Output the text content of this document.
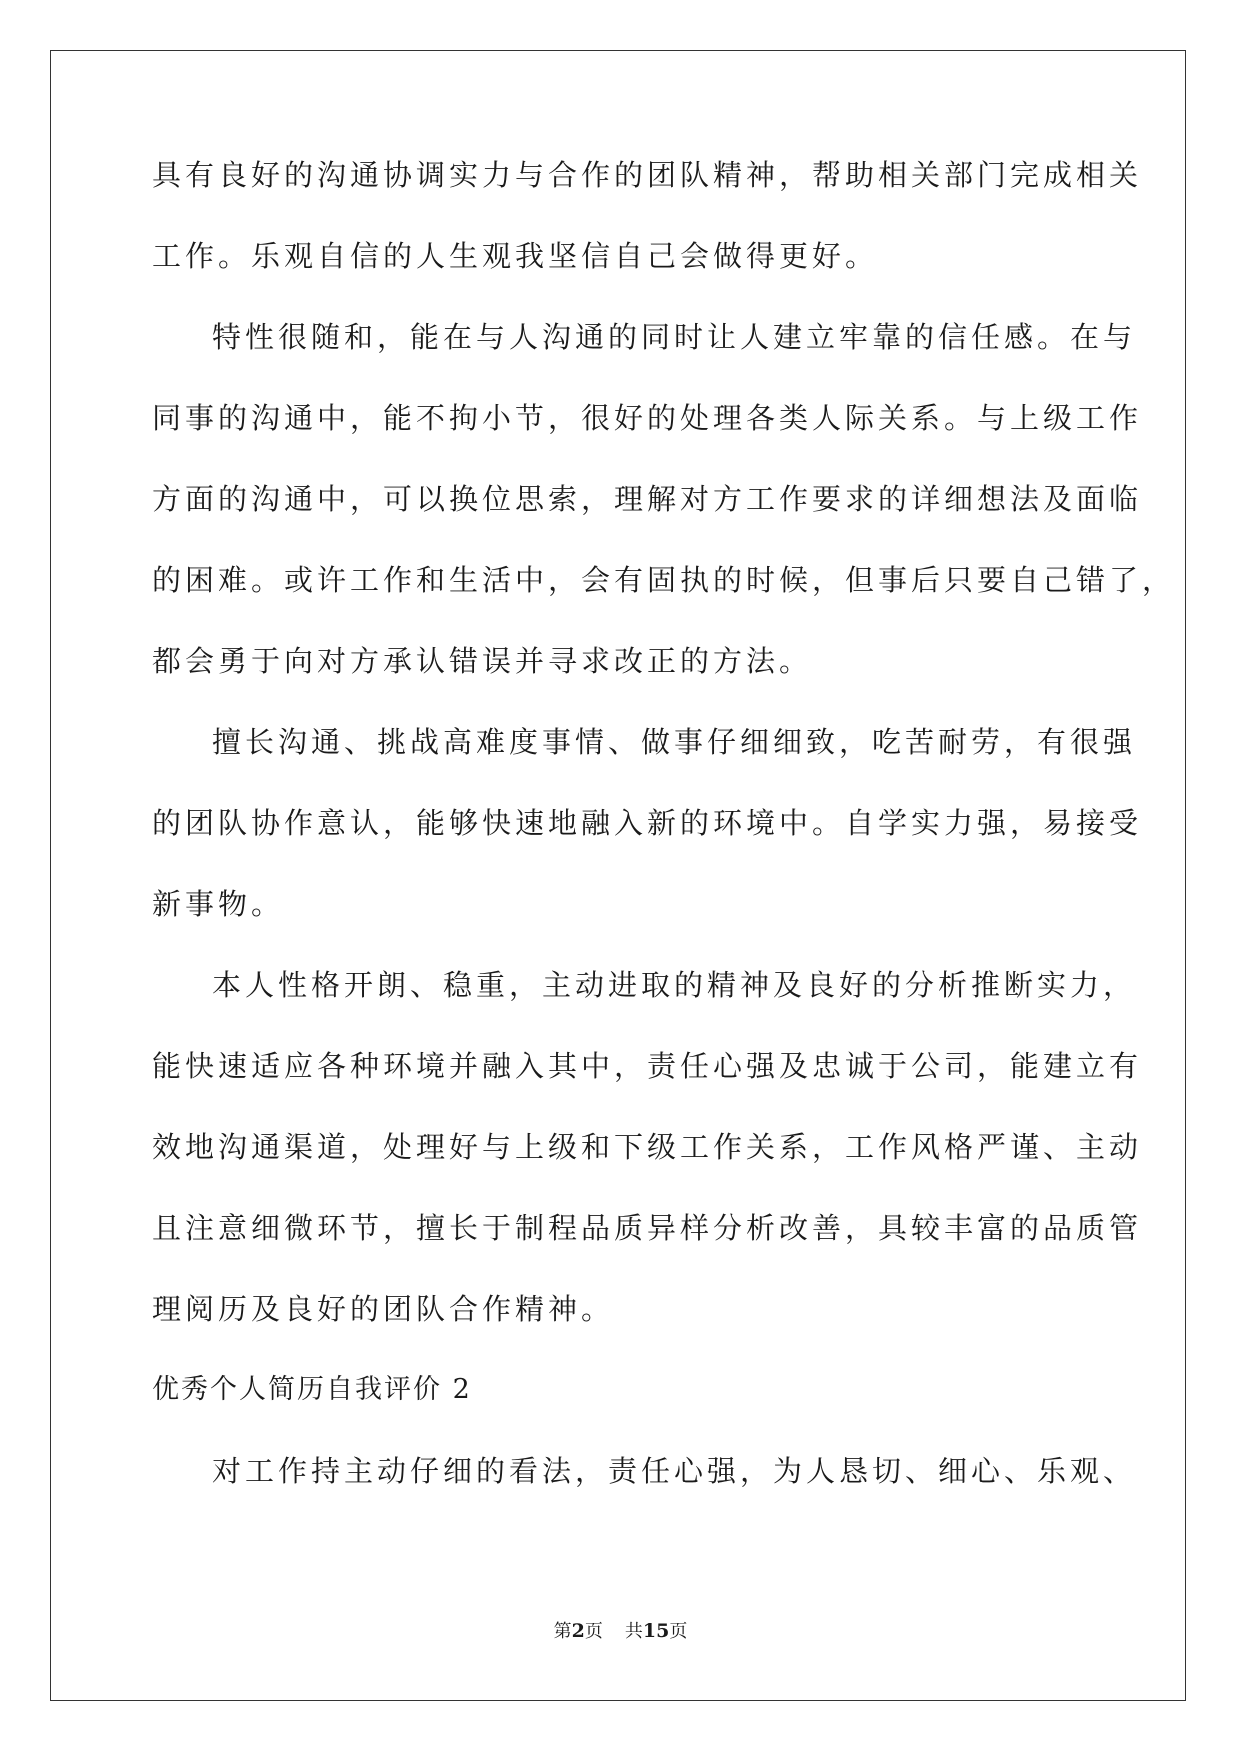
具有良好的沟通协调实力与合作的团队精神，帮助相关部门完成相关
工作。乐观自信的人生观我坚信自己会做得更好。
特性很随和，能在与人沟通的同时让人建立牢靠的信任感。在与
同事的沟通中，能不拘小节，很好的处理各类人际关系。与上级工作
方面的沟通中，可以换位思索，理解对方工作要求的详细想法及面临
的困难。或许工作和生活中，会有固执的时候，但事后只要自己错了，
都会勇于向对方承认错误并寻求改正的方法。
擅长沟通、挑战高难度事情、做事仔细细致，吃苦耐劳，有很强
的团队协作意认，能够快速地融入新的环境中。自学实力强，易接受
新事物。
本人性格开朗、稳重，主动进取的精神及良好的分析推断实力，
能快速适应各种环境并融入其中，责任心强及忠诚于公司，能建立有
效地沟通渠道，处理好与上级和下级工作关系，工作风格严谨、主动
且注意细微环节，擅长于制程品质异样分析改善，具较丰富的品质管
理阅历及良好的团队合作精神。
优秀个人简历自我评价 2
对工作持主动仔细的看法，责任心强，为人恳切、细心、乐观、
第2页 共15页
